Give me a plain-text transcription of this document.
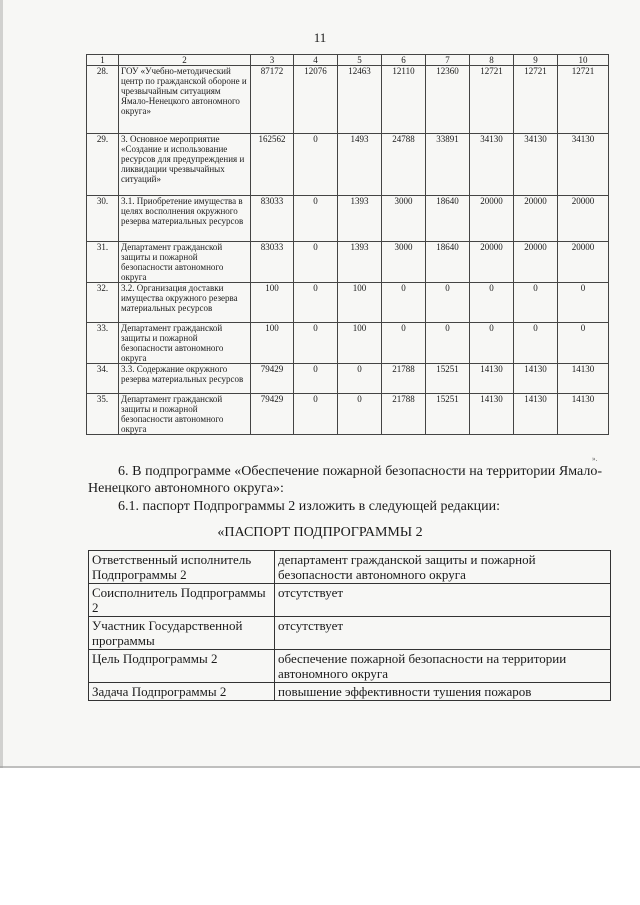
11
1	2	3	4	5	6	7	8	9	10
28.	ГОУ «Учебно-методический центр по гражданской обороне и чрезвычайным ситуациям Ямало-Ненецкого автономного округа»	87172	12076	12463	12110	12360	12721	12721	12721
29.	3. Основное мероприятие «Создание и использование ресурсов для предупреждения и ликвидации чрезвычайных ситуаций»	162562	0	1493	24788	33891	34130	34130	34130
30.	3.1. Приобретение имущества в целях восполнения окружного резерва материальных ресурсов	83033	0	1393	3000	18640	20000	20000	20000
31.	Департамент гражданской защиты и пожарной безопасности автономного округа	83033	0	1393	3000	18640	20000	20000	20000
32.	3.2. Организация доставки имущества окружного резерва материальных ресурсов	100	0	100	0	0	0	0	0
33.	Департамент гражданской защиты и пожарной безопасности автономного округа	100	0	100	0	0	0	0	0
34.	3.3. Содержание окружного резерва материальных ресурсов	79429	0	0	21788	15251	14130	14130	14130
35.	Департамент гражданской защиты и пожарной безопасности автономного округа	79429	0	0	21788	15251	14130	14130	14130
».
6. В подпрограмме «Обеспечение пожарной безопасности на территории Ямало-Ненецкого автономного округа»:
6.1. паспорт Подпрограммы 2 изложить в следующей редакции:
«ПАСПОРТ ПОДПРОГРАММЫ 2
Ответственный исполнитель Подпрограммы 2	департамент гражданской защиты и пожарной безопасности автономного округа
Соисполнитель Подпрограммы 2	отсутствует
Участник Государственной программы	отсутствует
Цель Подпрограммы 2	обеспечение пожарной безопасности на территории автономного округа
Задача Подпрограммы 2	повышение эффективности тушения пожаров
